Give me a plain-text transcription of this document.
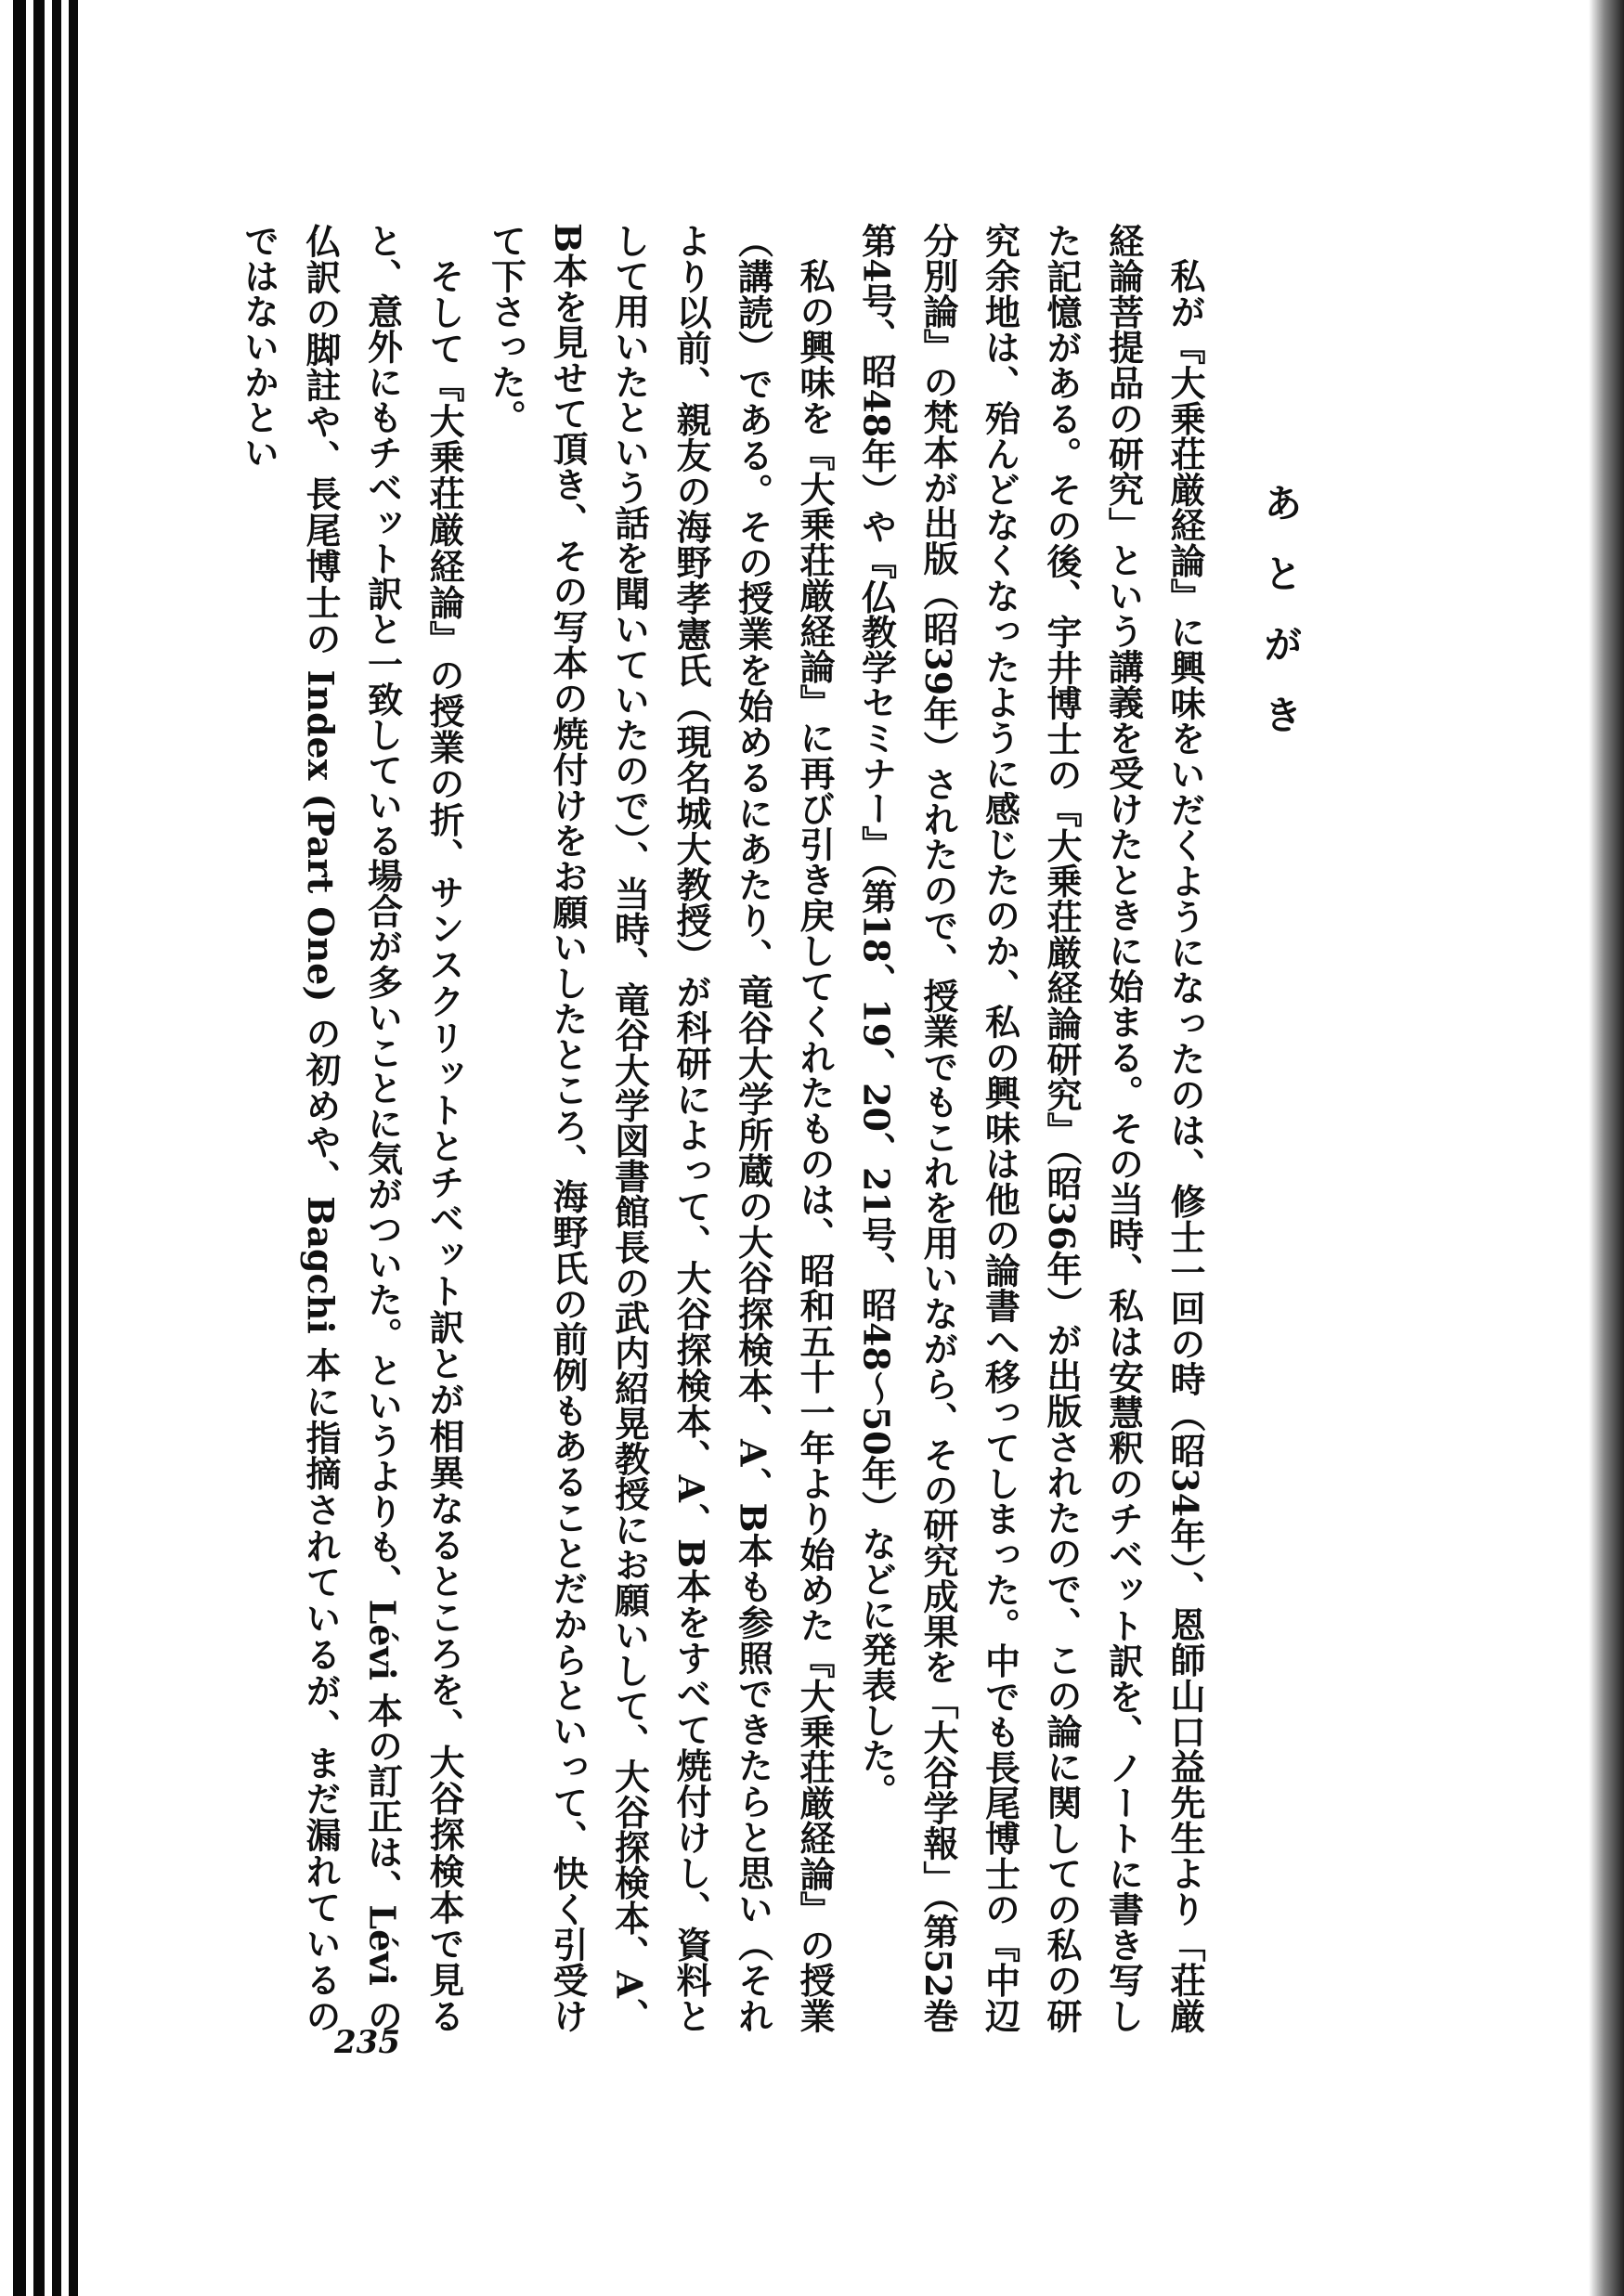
あとがき

私が『大乗荘厳経論』に興味をいだくようになったのは、修士一回の時（昭34年）、恩師山口益先生より「荘厳経論菩提品の研究」という講義を受けたときに始まる。その当時、私は安慧釈のチベット訳を、ノートに書き写した記憶がある。その後、宇井博士の『大乗荘厳経論研究』（昭36年）が出版されたので、この論に関しての私の研究余地は、殆んどなくなったように感じたのか、私の興味は他の論書へ移ってしまった。中でも長尾博士の『中辺分別論』の梵本が出版（昭39年）されたので、授業でもこれを用いながら、その研究成果を「大谷学報」（第52巻第4号、昭48年）や『仏教学セミナー』（第18、19、20、21号、昭48〜50年）などに発表した。

私の興味を『大乗荘厳経論』に再び引き戻してくれたものは、昭和五十一年より始めた『大乗荘厳経論』の授業（講読）である。その授業を始めるにあたり、竜谷大学所蔵の大谷探検本、A、B本も参照できたらと思い（それより以前、親友の海野孝憲氏（現名城大教授）が科研によって、大谷探検本、A、B本をすべて焼付けし、資料として用いたという話を聞いていたので）、当時、竜谷大学図書館長の武内紹晃教授にお願いして、大谷探検本、A、B本を見せて頂き、その写本の焼付けをお願いしたところ、海野氏の前例もあることだからといって、快く引受けて下さった。

そして『大乗荘厳経論』の授業の折、サンスクリットとチベット訳とが相異なるところを、大谷探検本で見ると、意外にもチベット訳と一致している場合が多いことに気がついた。というよりも、Lévi 本の訂正は、Lévi の仏訳の脚註や、長尾博士の Index (Part One) の初めや、Bagchi 本に指摘されているが、まだ漏れているのではないかとい

235
